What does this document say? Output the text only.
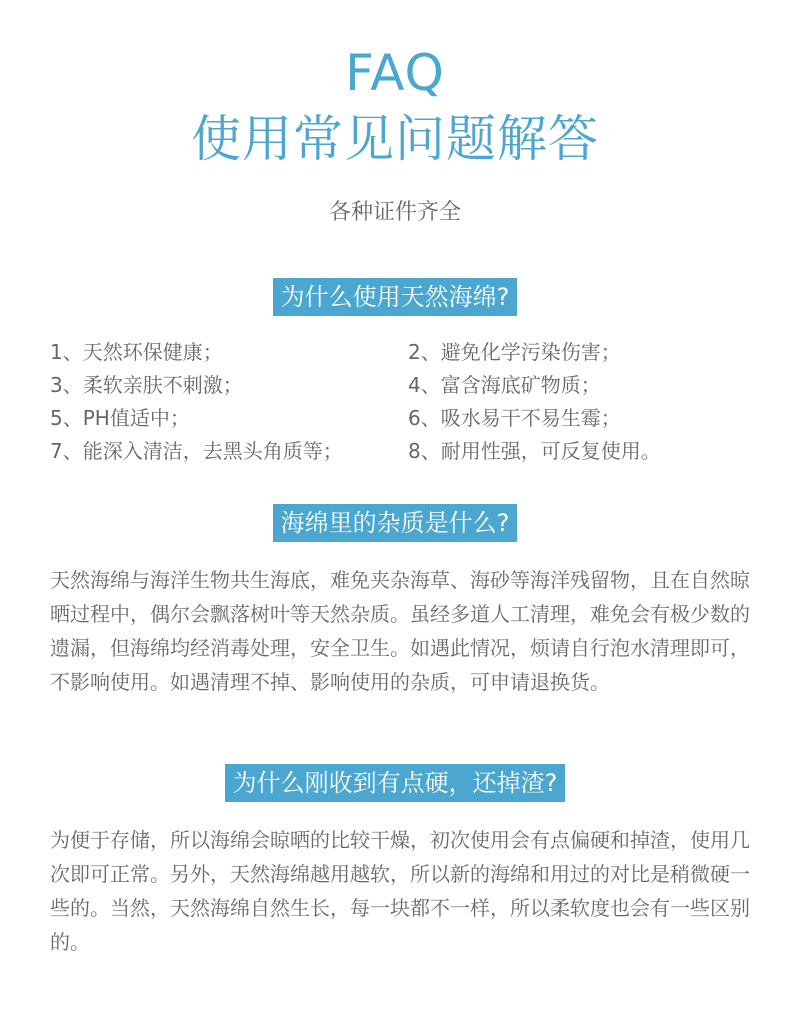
FAQ
使用常见问题解答
各种证件齐全
为什么使用天然海绵?
1、天然环保健康；	2、避免化学污染伤害；
3、柔软亲肤不刺激；	4、富含海底矿物质；
5、PH值适中；	6、吸水易干不易生霉；
7、能深入清洁，去黑头角质等；	8、耐用性强，可反复使用。
海绵里的杂质是什么?

天然海绵与海洋生物共生海底，难免夹杂海草、海砂等海洋残留物，且在自然晾晒过程中，偶尔会飘落树叶等天然杂质。虽经多道人工清理，难免会有极少数的遗漏，但海绵均经消毒处理，安全卫生。如遇此情况，烦请自行泡水清理即可，不影响使用。如遇清理不掉、影响使用的杂质，可申请退换货。

为什么刚收到有点硬，还掉渣?

为便于存储，所以海绵会晾晒的比较干燥，初次使用会有点偏硬和掉渣，使用几次即可正常。另外，天然海绵越用越软，所以新的海绵和用过的对比是稍微硬一些的。当然，天然海绵自然生长，每一块都不一样，所以柔软度也会有一些区别的。
